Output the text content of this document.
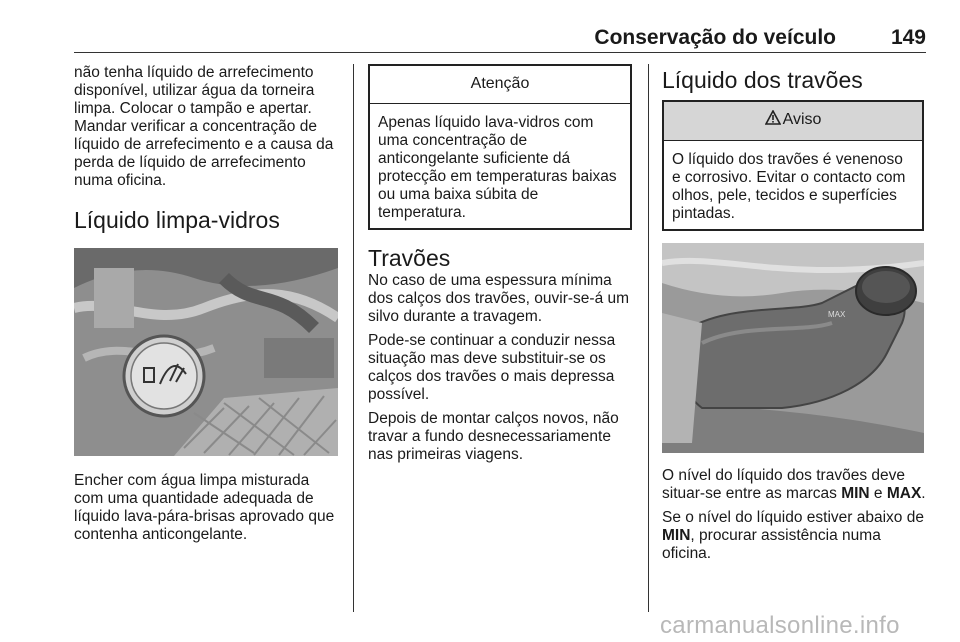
Conservação do veículo	149

não tenha líquido de arrefecimento disponível, utilizar água da torneira limpa. Colocar o tampão e apertar. Mandar verificar a concentração de líquido de arrefecimento e a causa da perda de líquido de arrefecimento numa oficina.

Líquido limpa-vidros

Encher com água limpa misturada com uma quantidade adequada de líquido lava-pára-brisas aprovado que contenha anticongelante.

Atenção

Apenas líquido lava-vidros com uma concentração de anticongelante suficiente dá protecção em temperaturas baixas ou uma baixa súbita de temperatura.

Travões

No caso de uma espessura mínima dos calços dos travões, ouvir-se-á um silvo durante a travagem.

Pode-se continuar a conduzir nessa situação mas deve substituir-se os calços dos travões o mais depressa possível.

Depois de montar calços novos, não travar a fundo desnecessariamente nas primeiras viagens.

Líquido dos travões
Aviso

O líquido dos travões é venenoso e corrosivo. Evitar o contacto com olhos, pele, tecidos e superfícies pintadas.

MAX

O nível do líquido dos travões deve situar-se entre as marcas MIN e MAX.

Se o nível do líquido estiver abaixo de MIN, procurar assistência numa oficina.

carmanualsonline.info
